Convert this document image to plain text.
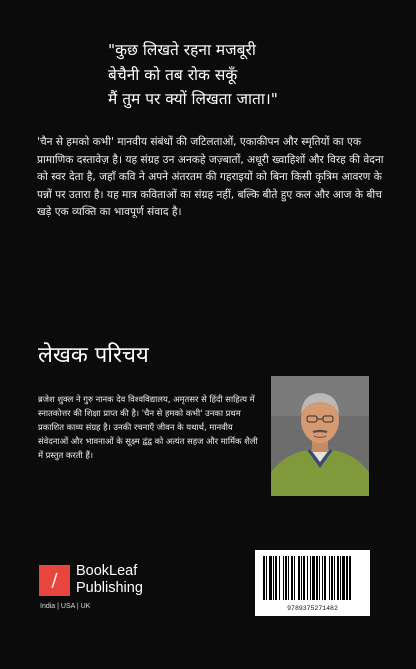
"कुछ लिखते रहना मजबूरी
बेचैनी को तब रोक सकूँ
मैं तुम पर क्यों लिखता जाता।"
'चैन से हमको कभी' मानवीय संबंधों की जटिलताओं, एकाकीपन और स्मृतियों का एक प्रामाणिक दस्तावेज़ है। यह संग्रह उन अनकहे जज़्बातों, अधूरी ख्वाहिशों और विरह की वेदना को स्वर देता है, जहाँ कवि ने अपने अंतरतम की गहराइयों को बिना किसी कृत्रिम आवरण के पन्नों पर उतारा है। यह मात्र कविताओं का संग्रह नहीं, बल्कि बीते हुए कल और आज के बीच खड़े एक व्यक्ति का भावपूर्ण संवाद है।
लेखक परिचय
ब्रजेश शुक्ल ने गुरु नानक देव विश्वविद्यालय, अमृतसर से हिंदी साहित्य में स्नातकोत्तर की शिक्षा प्राप्त की है। 'चैन से हमको कभी' उनका प्रथम प्रकाशित काव्य संग्रह है। उनकी रचनाएँ जीवन के यथार्थ, मानवीय संवेदनाओं और भावनाओं के सूक्ष्म द्वंद्व को अत्यंत सहज और मार्मिक शैली में प्रस्तुत करती हैं।
/	BookLeaf
Publishing
India | USA | UK	9789375271482
